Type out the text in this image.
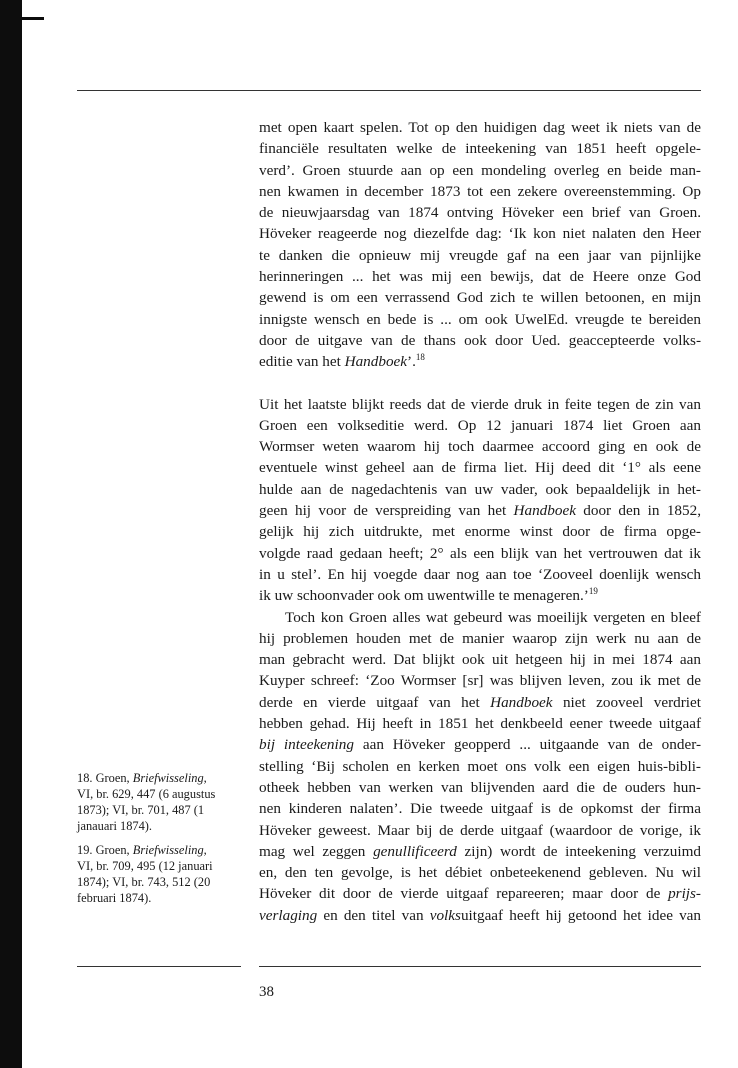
met open kaart spelen. Tot op den huidigen dag weet ik niets van de
financiële resultaten welke de inteekening van 1851 heeft opgele-
verd’. Groen stuurde aan op een mondeling overleg en beide man-
nen kwamen in december 1873 tot een zekere overeenstemming. Op
de nieuwjaarsdag van 1874 ontving Höveker een brief van Groen.
Höveker reageerde nog diezelfde dag: ‘Ik kon niet nalaten den Heer
te danken die opnieuw mij vreugde gaf na een jaar van pijnlijke
herinneringen ... het was mij een bewijs, dat de Heere onze God
gewend is om een verrassend God zich te willen betoonen, en mijn
innigste wensch en bede is ... om ook UwelEd. vreugde te bereiden
door de uitgave van de thans ook door Ued. geaccepteerde volks-
editie van het Handboek’.$^{18}$

Uit het laatste blijkt reeds dat de vierde druk in feite tegen de zin van
Groen een volkseditie werd. Op 12 januari 1874 liet Groen aan
Wormser weten waarom hij toch daarmee accoord ging en ook de
eventuele winst geheel aan de firma liet. Hij deed dit ‘1° als eene
hulde aan de nagedachtenis van uw vader, ook bepaaldelijk in het-
geen hij voor de verspreiding van het Handboek door den in 1852,
gelijk hij zich uitdrukte, met enorme winst door de firma opge-
volgde raad gedaan heeft; 2° als een blijk van het vertrouwen dat ik
in u stel’. En hij voegde daar nog aan toe ‘Zooveel doenlijk wensch
ik uw schoonvader ook om uwentwille te menageren.’$^{19}$

Toch kon Groen alles wat gebeurd was moeilijk vergeten en bleef
hij problemen houden met de manier waarop zijn werk nu aan de
man gebracht werd. Dat blijkt ook uit hetgeen hij in mei 1874 aan
Kuyper schreef: ‘Zoo Wormser [sr] was blijven leven, zou ik met de
derde en vierde uitgaaf van het Handboek niet zooveel verdriet
hebben gehad. Hij heeft in 1851 het denkbeeld eener tweede uitgaaf
bij inteekening aan Höveker geopperd ... uitgaande van de onder-
stelling ‘Bij scholen en kerken moet ons volk een eigen huis-bibli-
otheek hebben van werken van blijvenden aard die de ouders hun-
nen kinderen nalaten’. Die tweede uitgaaf is de opkomst der firma
Höveker geweest. Maar bij de derde uitgaaf (waardoor de vorige, ik
mag wel zeggen genullificeerd zijn) wordt de inteekening verzuimd
en, den ten gevolge, is het débiet onbeteekenend gebleven. Nu wil
Höveker dit door de vierde uitgaaf repareeren; maar door de prijs-
verlaging en den titel van volksuitgaaf heeft hij getoond het idee van

18. Groen, Briefwisseling,
VI, br. 629, 447 (6 augustus
1873); VI, br. 701, 487 (1
janauari 1874).

19. Groen, Briefwisseling,
VI, br. 709, 495 (12 januari
1874); VI, br. 743, 512 (20
februari 1874).

38
